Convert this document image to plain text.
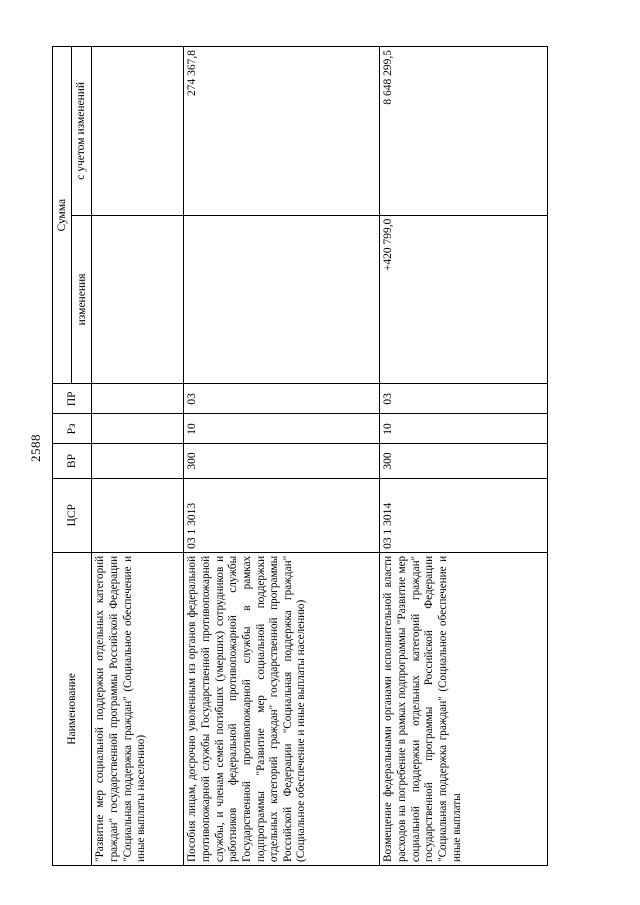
2588
Наименование	ЦСР	ВР	Рз	ПР	Сумма	
					изменения	с учетом изменений
"Развитие мер социальной поддержки отдельных категорий граждан" государственной программы Российской Федерации "Социальная поддержка граждан" (Социальное обеспечение и иные выплаты населению)						
Пособия лицам, досрочно уволенным из органов федеральной противопожарной службы Государственной противопожарной службы, и членам семей погибших (умерших) сотрудников и работников федеральной противопожарной службы Государственной противопожарной службы в рамках подпрограммы "Развитие мер социальной поддержки отдельных категорий граждан" государственной программы Российской Федерации "Социальная поддержка граждан" (Социальное обеспечение и иные выплаты населению)	03 1 3013	300	10	03		274 367,8
Возмещение федеральными органами исполнительной власти расходов на погребение в рамках подпрограммы "Развитие мер социальной поддержки отдельных категорий граждан" государственной программы Российской Федерации "Социальная поддержка граждан" (Социальное обеспечение и иные выплаты	03 1 3014	300	10	03	+420 799,0	8 648 299,5
